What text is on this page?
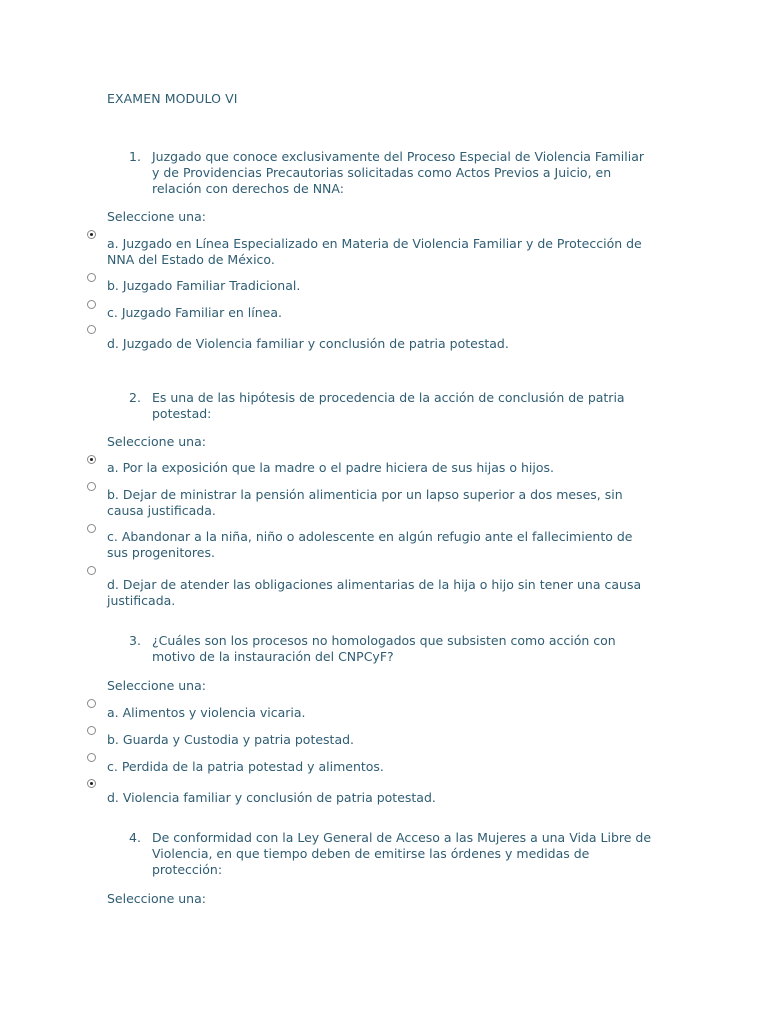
EXAMEN MODULO VI
1. Juzgado que conoce exclusivamente del Proceso Especial de Violencia Familiar y de Providencias Precautorias solicitadas como Actos Previos a Juicio, en relación con derechos de NNA:
Seleccione una:
a. Juzgado en Línea Especializado en Materia de Violencia Familiar y de Protección de NNA del Estado de México.
b. Juzgado Familiar Tradicional.
c. Juzgado Familiar en línea.
d. Juzgado de Violencia familiar y conclusión de patria potestad.
2. Es una de las hipótesis de procedencia de la acción de conclusión de patria potestad:
Seleccione una:
a. Por la exposición que la madre o el padre hiciera de sus hijas o hijos.
b. Dejar de ministrar la pensión alimenticia por un lapso superior a dos meses, sin causa justificada.
c. Abandonar a la niña, niño o adolescente en algún refugio ante el fallecimiento de sus progenitores.
d. Dejar de atender las obligaciones alimentarias de la hija o hijo sin tener una causa justificada.
3. ¿Cuáles son los procesos no homologados que subsisten como acción con motivo de la instauración del CNPCyF?
Seleccione una:
a. Alimentos y violencia vicaria.
b. Guarda y Custodia y patria potestad.
c. Perdida de la patria potestad y alimentos.
d. Violencia familiar y conclusión de patria potestad.
4. De conformidad con la Ley General de Acceso a las Mujeres a una Vida Libre de Violencia, en que tiempo deben de emitirse las órdenes y medidas de protección:
Seleccione una:
